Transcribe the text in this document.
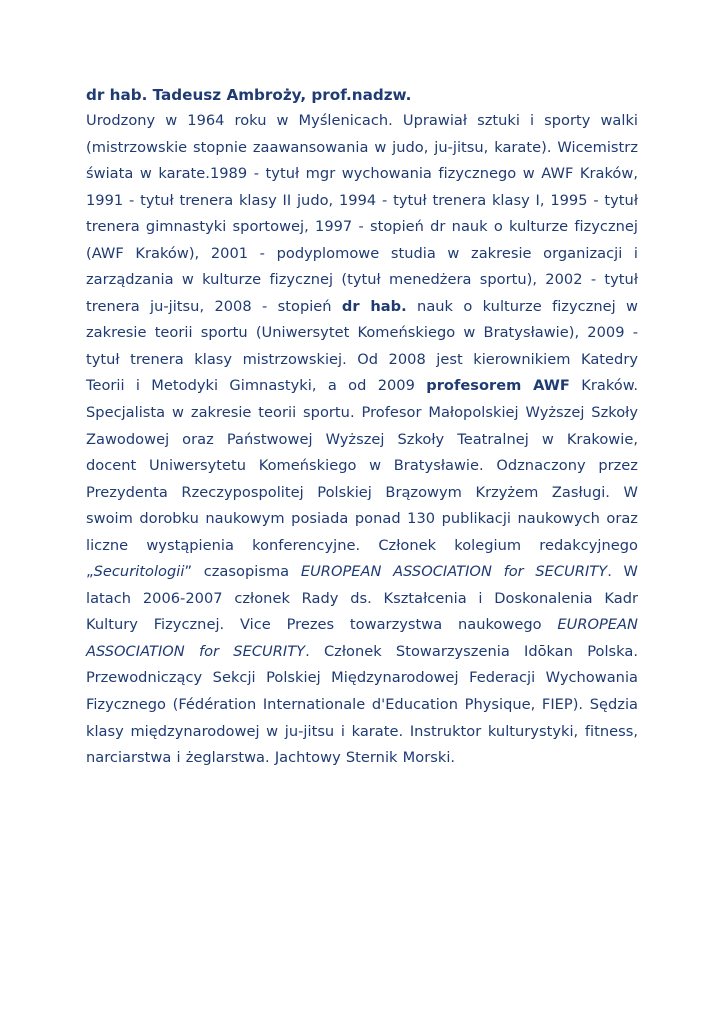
dr hab. Tadeusz Ambroży, prof.nadzw.

Urodzony w 1964 roku w Myślenicach. Uprawiał sztuki i sporty walki (mistrzowskie stopnie zaawansowania w judo, ju-jitsu, karate). Wicemistrz świata w karate.1989 - tytuł mgr wychowania fizycznego w AWF Kraków, 1991 - tytuł trenera klasy II judo, 1994 - tytuł trenera klasy I, 1995 - tytuł trenera gimnastyki sportowej, 1997 - stopień dr nauk o kulturze fizycznej (AWF Kraków), 2001 - podyplomowe studia w zakresie organizacji i zarządzania w kulturze fizycznej (tytuł menedżera sportu), 2002 - tytuł trenera ju-jitsu, 2008 - stopień dr hab. nauk o kulturze fizycznej w zakresie teorii sportu (Uniwersytet Komeńskiego w Bratysławie), 2009 - tytuł trenera klasy mistrzowskiej. Od 2008 jest kierownikiem Katedry Teorii i Metodyki Gimnastyki, a od 2009 profesorem AWF Kraków. Specjalista w zakresie teorii sportu. Profesor Małopolskiej Wyższej Szkoły Zawodowej oraz Państwowej Wyższej Szkoły Teatralnej w Krakowie, docent Uniwersytetu Komeńskiego w Bratysławie. Odznaczony przez Prezydenta Rzeczypospolitej Polskiej Brązowym Krzyżem Zasługi. W swoim dorobku naukowym posiada ponad 130 publikacji naukowych oraz liczne wystąpienia konferencyjne. Członek kolegium redakcyjnego „Securitologii” czasopisma EUROPEAN ASSOCIATION for SECURITY. W latach 2006-2007 członek Rady ds. Kształcenia i Doskonalenia Kadr Kultury Fizycznej. Vice Prezes towarzystwa naukowego EUROPEAN ASSOCIATION for SECURITY. Członek Stowarzyszenia Idōkan Polska. Przewodniczący Sekcji Polskiej Międzynarodowej Federacji Wychowania Fizycznego (Fédération Internationale d'Education Physique, FIEP). Sędzia klasy międzynarodowej w ju-jitsu i karate. Instruktor kulturystyki, fitness, narciarstwa i żeglarstwa. Jachtowy Sternik Morski.
